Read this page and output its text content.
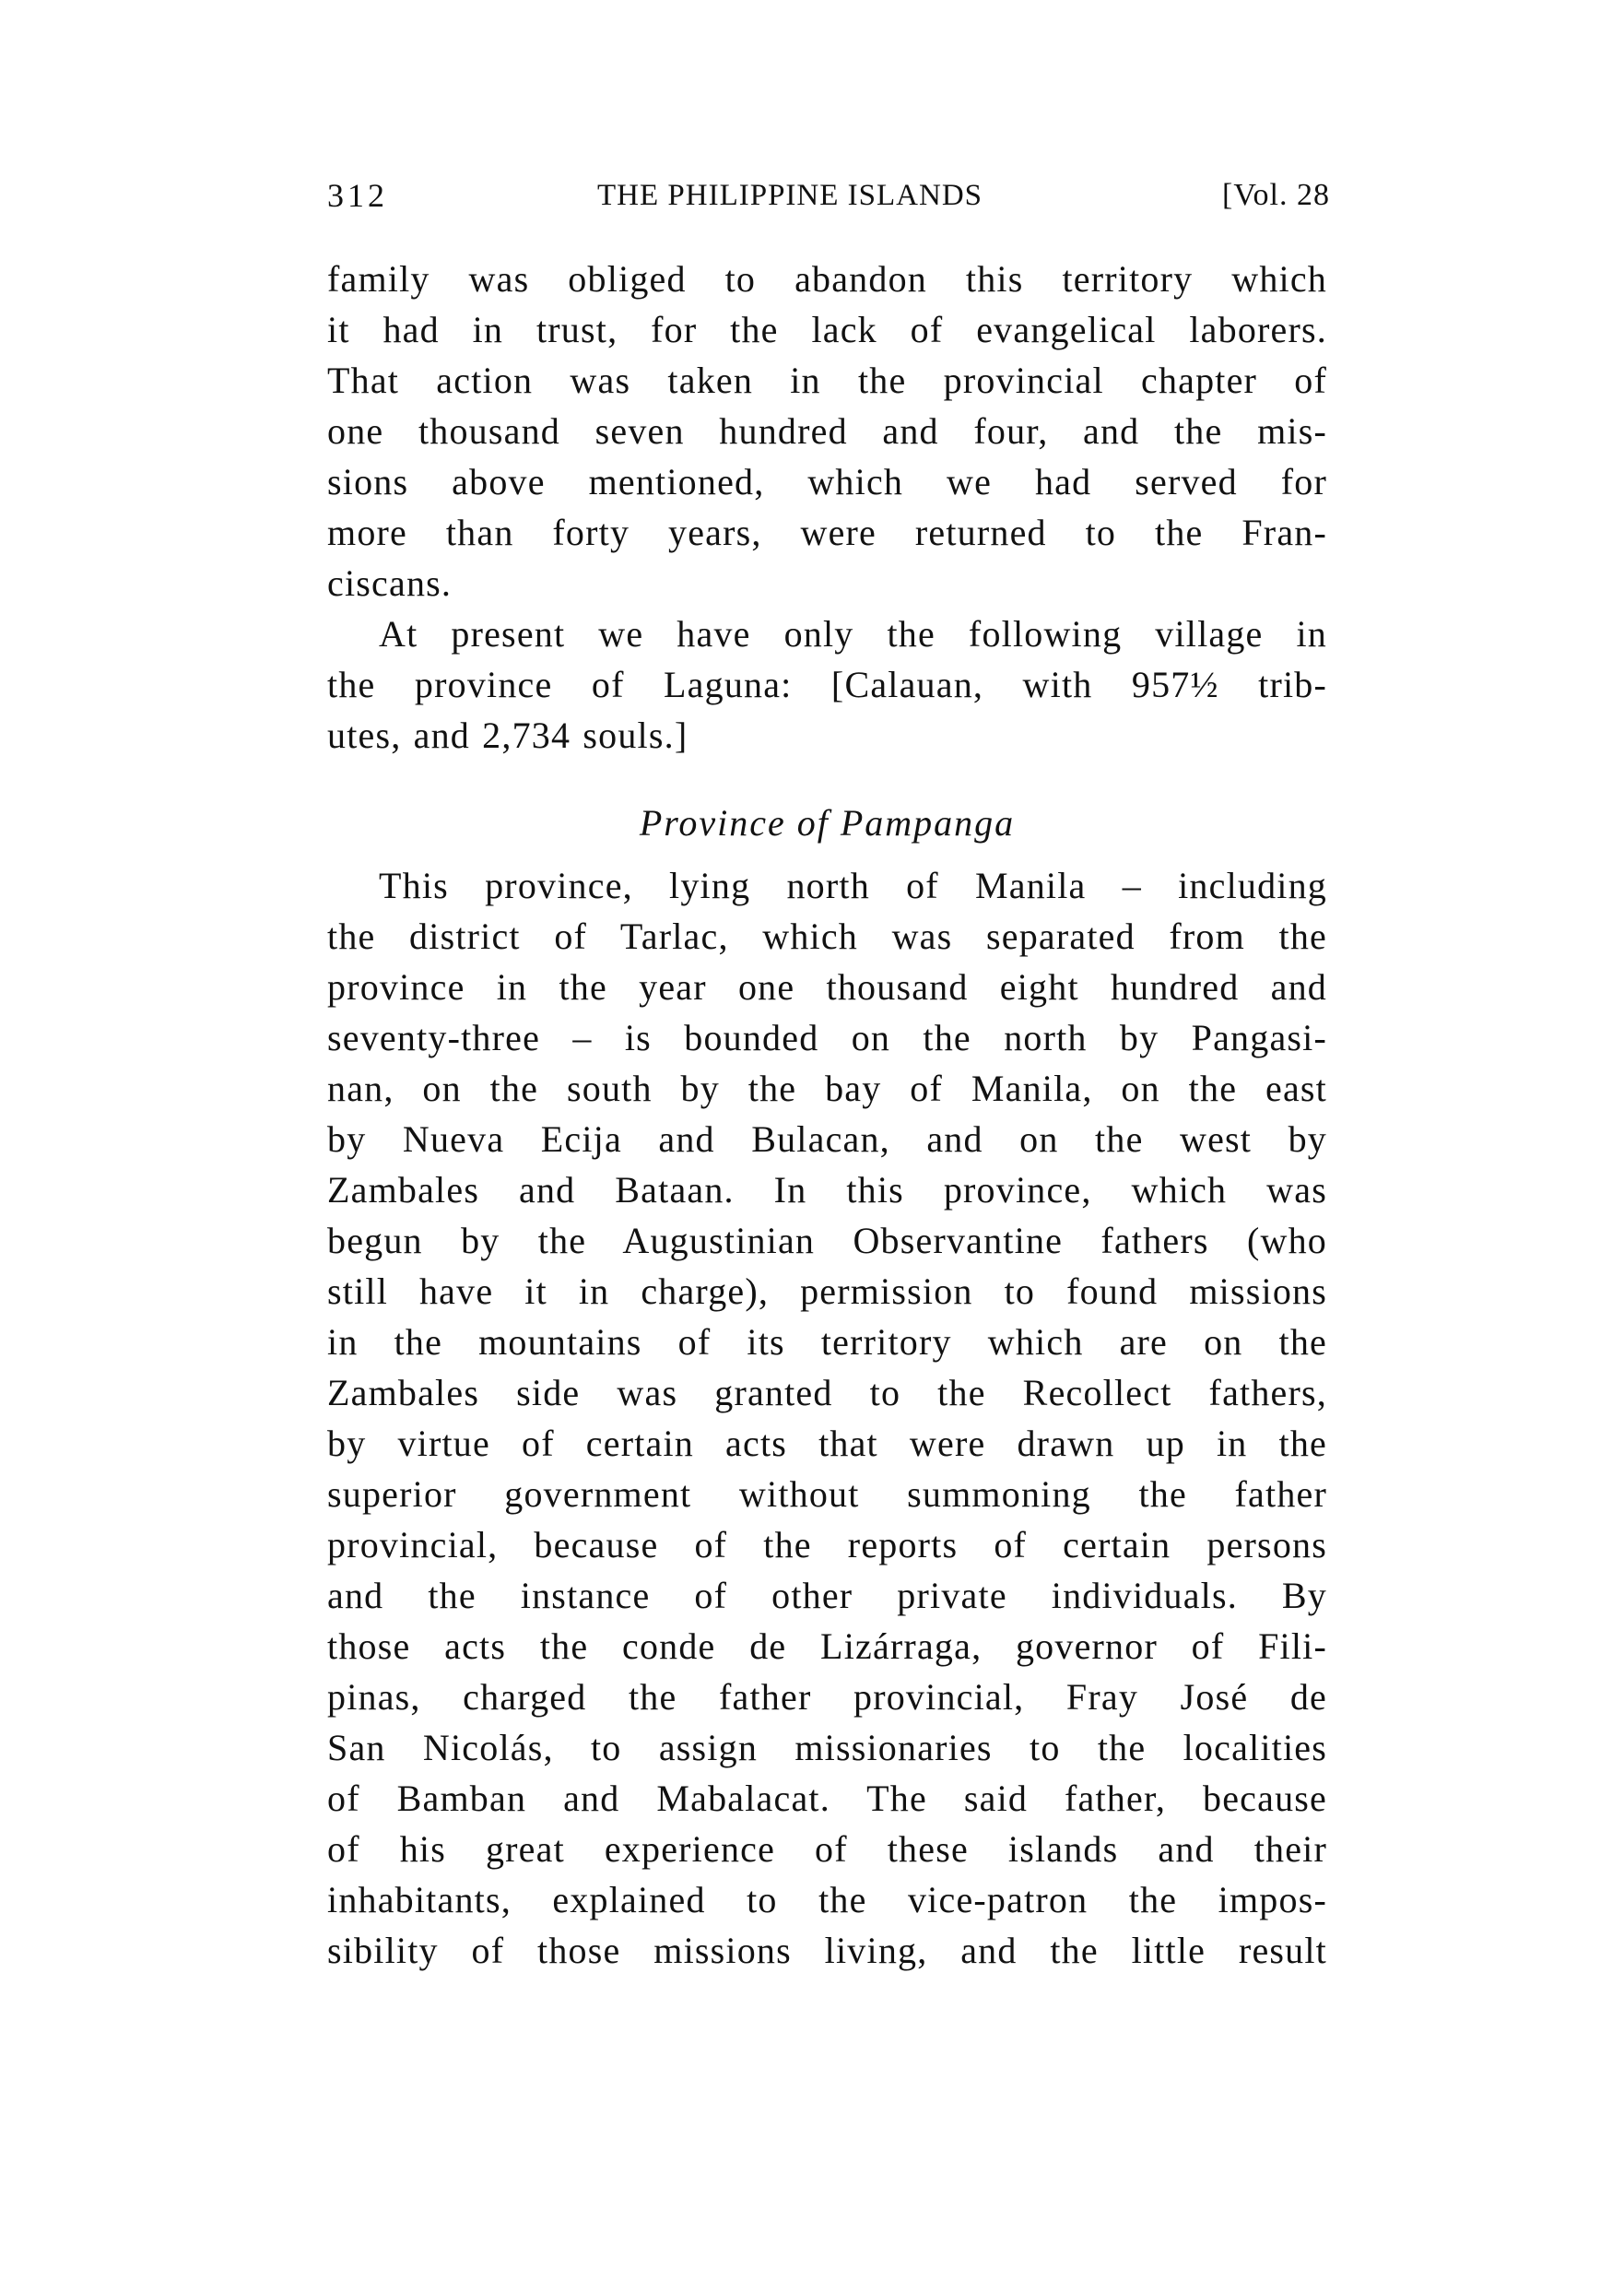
312	THE PHILIPPINE ISLANDS	[Vol. 28
family was obliged to abandon this territory which
it had in trust, for the lack of evangelical laborers.
That action was taken in the provincial chapter of
one thousand seven hundred and four, and the mis-
sions above mentioned, which we had served for
more than forty years, were returned to the Fran-
ciscans.
At present we have only the following village in
the province of Laguna: [Calauan, with 957½ trib-
utes, and 2,734 souls.]
Province of Pampanga
This province, lying north of Manila – including
the district of Tarlac, which was separated from the
province in the year one thousand eight hundred and
seventy-three – is bounded on the north by Pangasi-
nan, on the south by the bay of Manila, on the east
by Nueva Ecija and Bulacan, and on the west by
Zambales and Bataan. In this province, which was
begun by the Augustinian Observantine fathers (who
still have it in charge), permission to found missions
in the mountains of its territory which are on the
Zambales side was granted to the Recollect fathers,
by virtue of certain acts that were drawn up in the
superior government without summoning the father
provincial, because of the reports of certain persons
and the instance of other private individuals. By
those acts the conde de Lizárraga, governor of Fili-
pinas, charged the father provincial, Fray José de
San Nicolás, to assign missionaries to the localities
of Bamban and Mabalacat. The said father, because
of his great experience of these islands and their
inhabitants, explained to the vice-patron the impos-
sibility of those missions living, and the little result
